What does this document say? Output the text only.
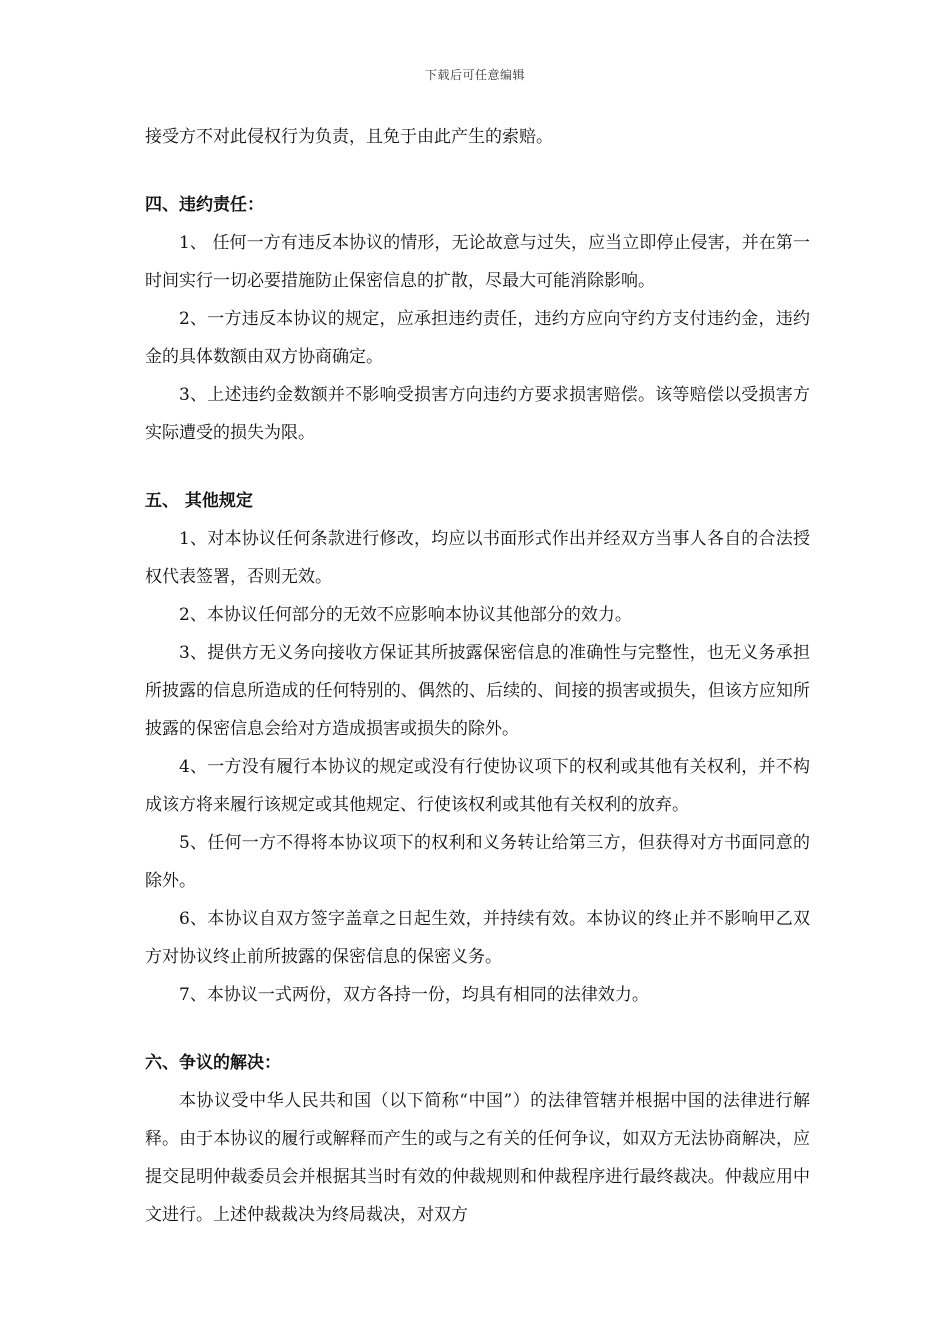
下载后可任意编辑

接受方不对此侵权行为负责，且免于由此产生的索赔。

四、违约责任：

1、 任何一方有违反本协议的情形，无论故意与过失，应当立即停止侵害，并在第一时间实行一切必要措施防止保密信息的扩散，尽最大可能消除影响。

2、一方违反本协议的规定，应承担违约责任，违约方应向守约方支付违约金，违约金的具体数额由双方协商确定。

3、上述违约金数额并不影响受损害方向违约方要求损害赔偿。该等赔偿以受损害方实际遭受的损失为限。

五、 其他规定

1、对本协议任何条款进行修改，均应以书面形式作出并经双方当事人各自的合法授权代表签署，否则无效。

2、本协议任何部分的无效不应影响本协议其他部分的效力。

3、提供方无义务向接收方保证其所披露保密信息的准确性与完整性，也无义务承担所披露的信息所造成的任何特别的、偶然的、后续的、间接的损害或损失，但该方应知所披露的保密信息会给对方造成损害或损失的除外。

4、一方没有履行本协议的规定或没有行使协议项下的权利或其他有关权利，并不构成该方将来履行该规定或其他规定、行使该权利或其他有关权利的放弃。

5、任何一方不得将本协议项下的权利和义务转让给第三方，但获得对方书面同意的除外。

6、本协议自双方签字盖章之日起生效，并持续有效。本协议的终止并不影响甲乙双方对协议终止前所披露的保密信息的保密义务。

7、本协议一式两份，双方各持一份，均具有相同的法律效力。

六、争议的解决：

本协议受中华人民共和国（以下简称“中国”）的法律管辖并根据中国的法律进行解释。由于本协议的履行或解释而产生的或与之有关的任何争议，如双方无法协商解决，应提交昆明仲裁委员会并根据其当时有效的仲裁规则和仲裁程序进行最终裁决。仲裁应用中文进行。上述仲裁裁决为终局裁决，对双方
